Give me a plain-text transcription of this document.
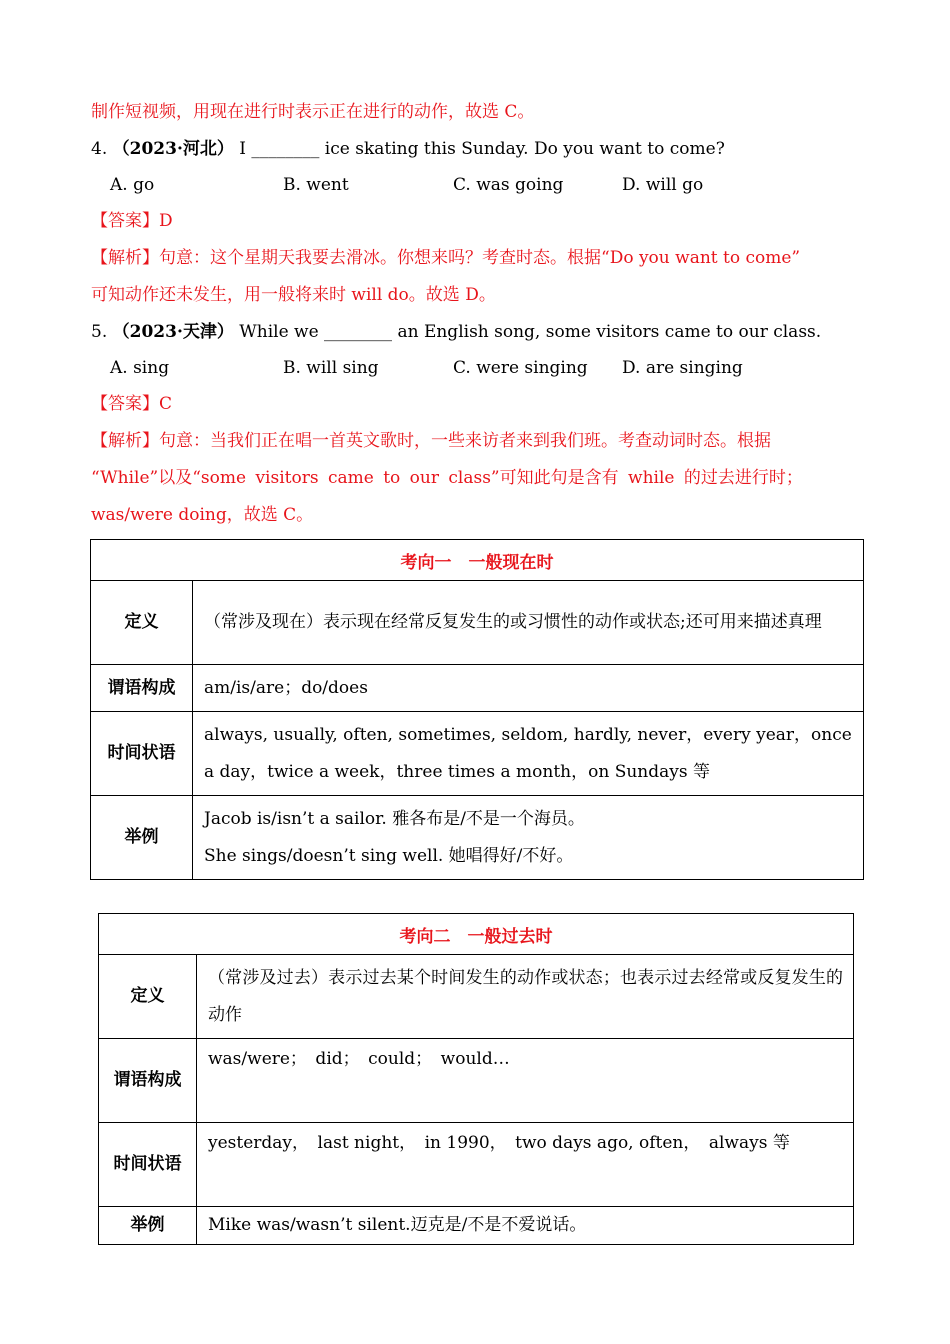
制作短视频，用现在进行时表示正在进行的动作，故选 C。
4. （2023·河北） I ________ ice skating this Sunday. Do you want to come?
A. go	B. went	C. was going	D. will go
【答案】D
【解析】句意：这个星期天我要去滑冰。你想来吗？考查时态。根据“Do you want to come”
可知动作还未发生，用一般将来时 will do。故选 D。
5. （2023·天津） While we ________ an English song, some visitors came to our class.
A. sing	B. will sing	C. were singing D. are singing
【答案】C
【解析】句意：当我们正在唱一首英文歌时，一些来访者来到我们班。考查动词时态。根据
“While”以及“some visitors came to our class”可知此句是含有 while 的过去进行时；
was/were doing，故选 C。
考向一　一般现在时	
定义	（常涉及现在）表示现在经常反复发生的或习惯性的动作或状态;还可用来描述真理
谓语构成	am/is/are；do/does
时间状语	always, usually, often, sometimes, seldom, hardly, never，every year，once a day，twice a week，three times a month，on Sundays 等
举例	Jacob is/isn’t a sailor. 雅各布是/不是一个海员。
She sings/doesn’t sing well. 她唱得好/不好。
考向二　一般过去时	
定义	（常涉及过去）表示过去某个时间发生的动作或状态；也表示过去经常或反复发生的动作
谓语构成	was/were；　did；　could；　would…
时间状语	yesterday，　last night，　in 1990，　two days ago, often，　always 等
举例	Mike was/wasn’t silent.迈克是/不是不爱说话。
